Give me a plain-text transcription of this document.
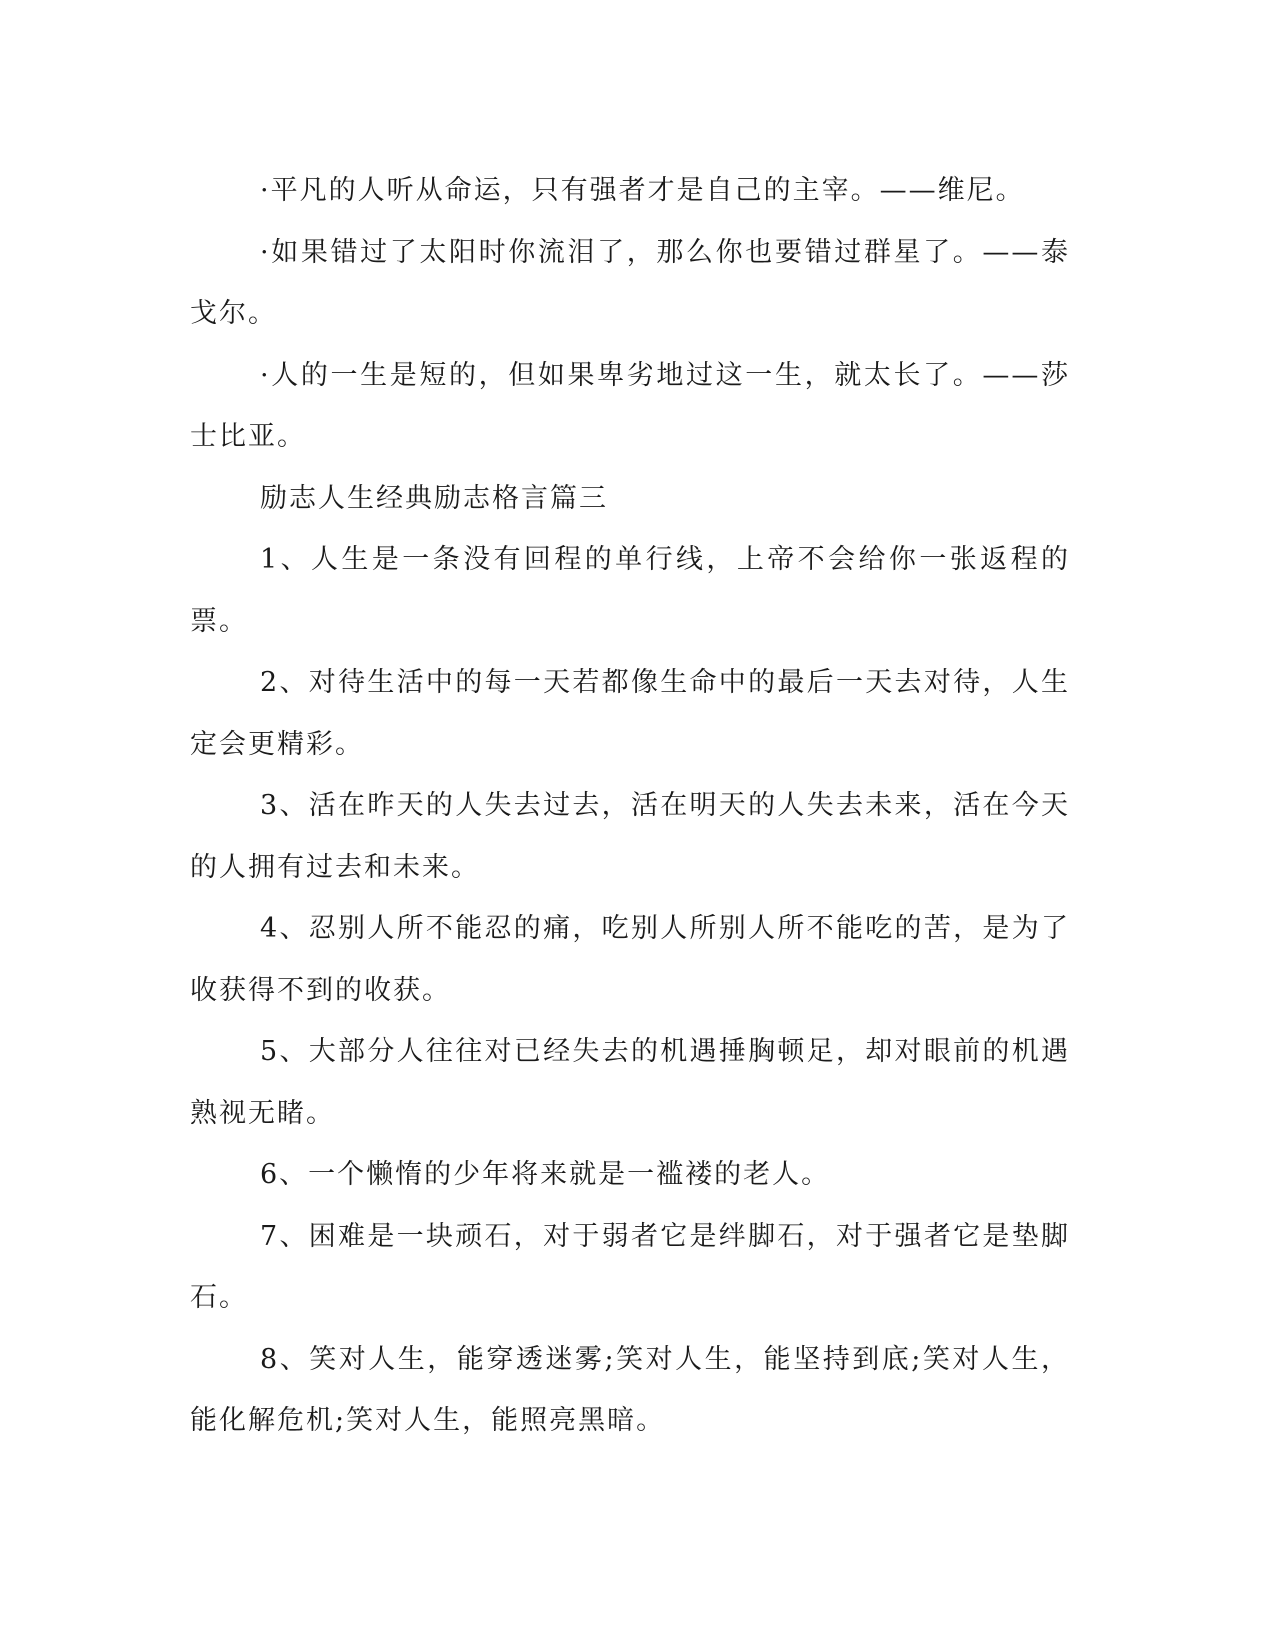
·平凡的人听从命运，只有强者才是自己的主宰。——维尼。

·如果错过了太阳时你流泪了，那么你也要错过群星了。——泰戈尔。

·人的一生是短的，但如果卑劣地过这一生，就太长了。——莎士比亚。

励志人生经典励志格言篇三

1、人生是一条没有回程的单行线，上帝不会给你一张返程的票。

2、对待生活中的每一天若都像生命中的最后一天去对待，人生定会更精彩。

3、活在昨天的人失去过去，活在明天的人失去未来，活在今天的人拥有过去和未来。

4、忍别人所不能忍的痛，吃别人所别人所不能吃的苦，是为了收获得不到的收获。

5、大部分人往往对已经失去的机遇捶胸顿足，却对眼前的机遇熟视无睹。

6、一个懒惰的少年将来就是一褴褛的老人。

7、困难是一块顽石，对于弱者它是绊脚石，对于强者它是垫脚石。

8、笑对人生，能穿透迷雾;笑对人生，能坚持到底;笑对人生，能化解危机;笑对人生，能照亮黑暗。
